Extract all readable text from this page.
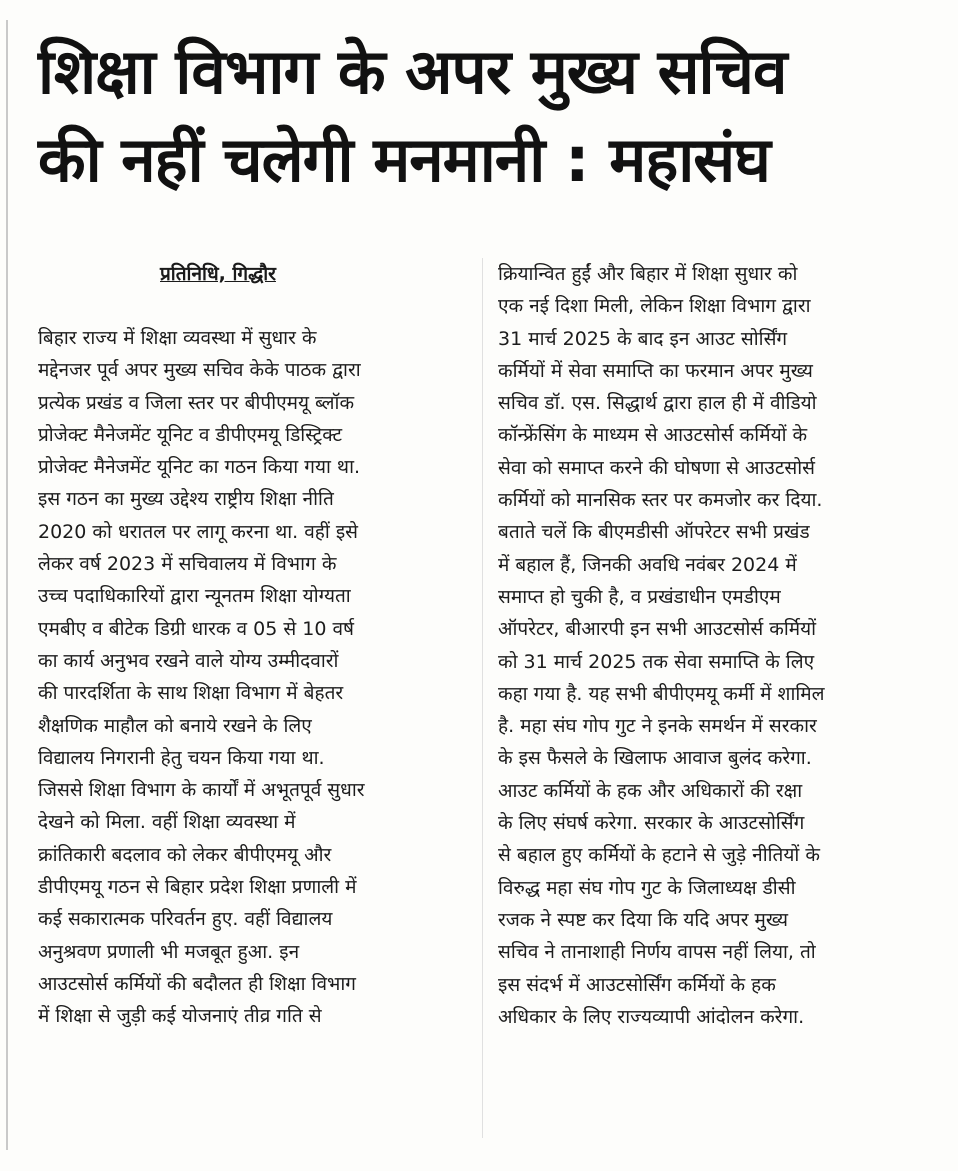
शिक्षा विभाग के अपर मुख्य सचिव
की नहीं चलेगी मनमानी : महासंघ
प्रतिनिधि, गिद्धौर
बिहार राज्य में शिक्षा व्यवस्था में सुधार के
मद्देनजर पूर्व अपर मुख्य सचिव केके पाठक द्वारा
प्रत्येक प्रखंड व जिला स्तर पर बीपीएमयू ब्लॉक
प्रोजेक्ट मैनेजमेंट यूनिट व डीपीएमयू डिस्ट्रिक्ट
प्रोजेक्ट मैनेजमेंट यूनिट का गठन किया गया था.
इस गठन का मुख्य उद्देश्य राष्ट्रीय शिक्षा नीति
2020 को धरातल पर लागू करना था. वहीं इसे
लेकर वर्ष 2023 में सचिवालय में विभाग के
उच्च पदाधिकारियों द्वारा न्यूनतम शिक्षा योग्यता
एमबीए व बीटेक डिग्री धारक व 05 से 10 वर्ष
का कार्य अनुभव रखने वाले योग्य उम्मीदवारों
की पारदर्शिता के साथ शिक्षा विभाग में बेहतर
शैक्षणिक माहौल को बनाये रखने के लिए
विद्यालय निगरानी हेतु चयन किया गया था.
जिससे शिक्षा विभाग के कार्यों में अभूतपूर्व सुधार
देखने को मिला. वहीं शिक्षा व्यवस्था में
क्रांतिकारी बदलाव को लेकर बीपीएमयू और
डीपीएमयू गठन से बिहार प्रदेश शिक्षा प्रणाली में
कई सकारात्मक परिवर्तन हुए. वहीं विद्यालय
अनुश्रवण प्रणाली भी मजबूत हुआ. इन
आउटसोर्स कर्मियों की बदौलत ही शिक्षा विभाग
में शिक्षा से जुड़ी कई योजनाएं तीव्र गति से
क्रियान्वित हुईं और बिहार में शिक्षा सुधार को
एक नई दिशा मिली, लेकिन शिक्षा विभाग द्वारा
31 मार्च 2025 के बाद इन आउट सोर्सिंग
कर्मियों में सेवा समाप्ति का फरमान अपर मुख्य
सचिव डॉ. एस. सिद्धार्थ द्वारा हाल ही में वीडियो
कॉन्फ्रेंसिंग के माध्यम से आउटसोर्स कर्मियों के
सेवा को समाप्त करने की घोषणा से आउटसोर्स
कर्मियों को मानसिक स्तर पर कमजोर कर दिया.
बताते चलें कि बीएमडीसी ऑपरेटर सभी प्रखंड
में बहाल हैं, जिनकी अवधि नवंबर 2024 में
समाप्त हो चुकी है, व प्रखंडाधीन एमडीएम
ऑपरेटर, बीआरपी इन सभी आउटसोर्स कर्मियों
को 31 मार्च 2025 तक सेवा समाप्ति के लिए
कहा गया है. यह सभी बीपीएमयू कर्मी में शामिल
है. महा संघ गोप गुट ने इनके समर्थन में सरकार
के इस फैसले के खिलाफ आवाज बुलंद करेगा.
आउट कर्मियों के हक और अधिकारों की रक्षा
के लिए संघर्ष करेगा. सरकार के आउटसोर्सिंग
से बहाल हुए कर्मियों के हटाने से जुड़े नीतियों के
विरुद्ध महा संघ गोप गुट के जिलाध्यक्ष डीसी
रजक ने स्पष्ट कर दिया कि यदि अपर मुख्य
सचिव ने तानाशाही निर्णय वापस नहीं लिया, तो
इस संदर्भ में आउटसोर्सिंग कर्मियों के हक
अधिकार के लिए राज्यव्यापी आंदोलन करेगा.
